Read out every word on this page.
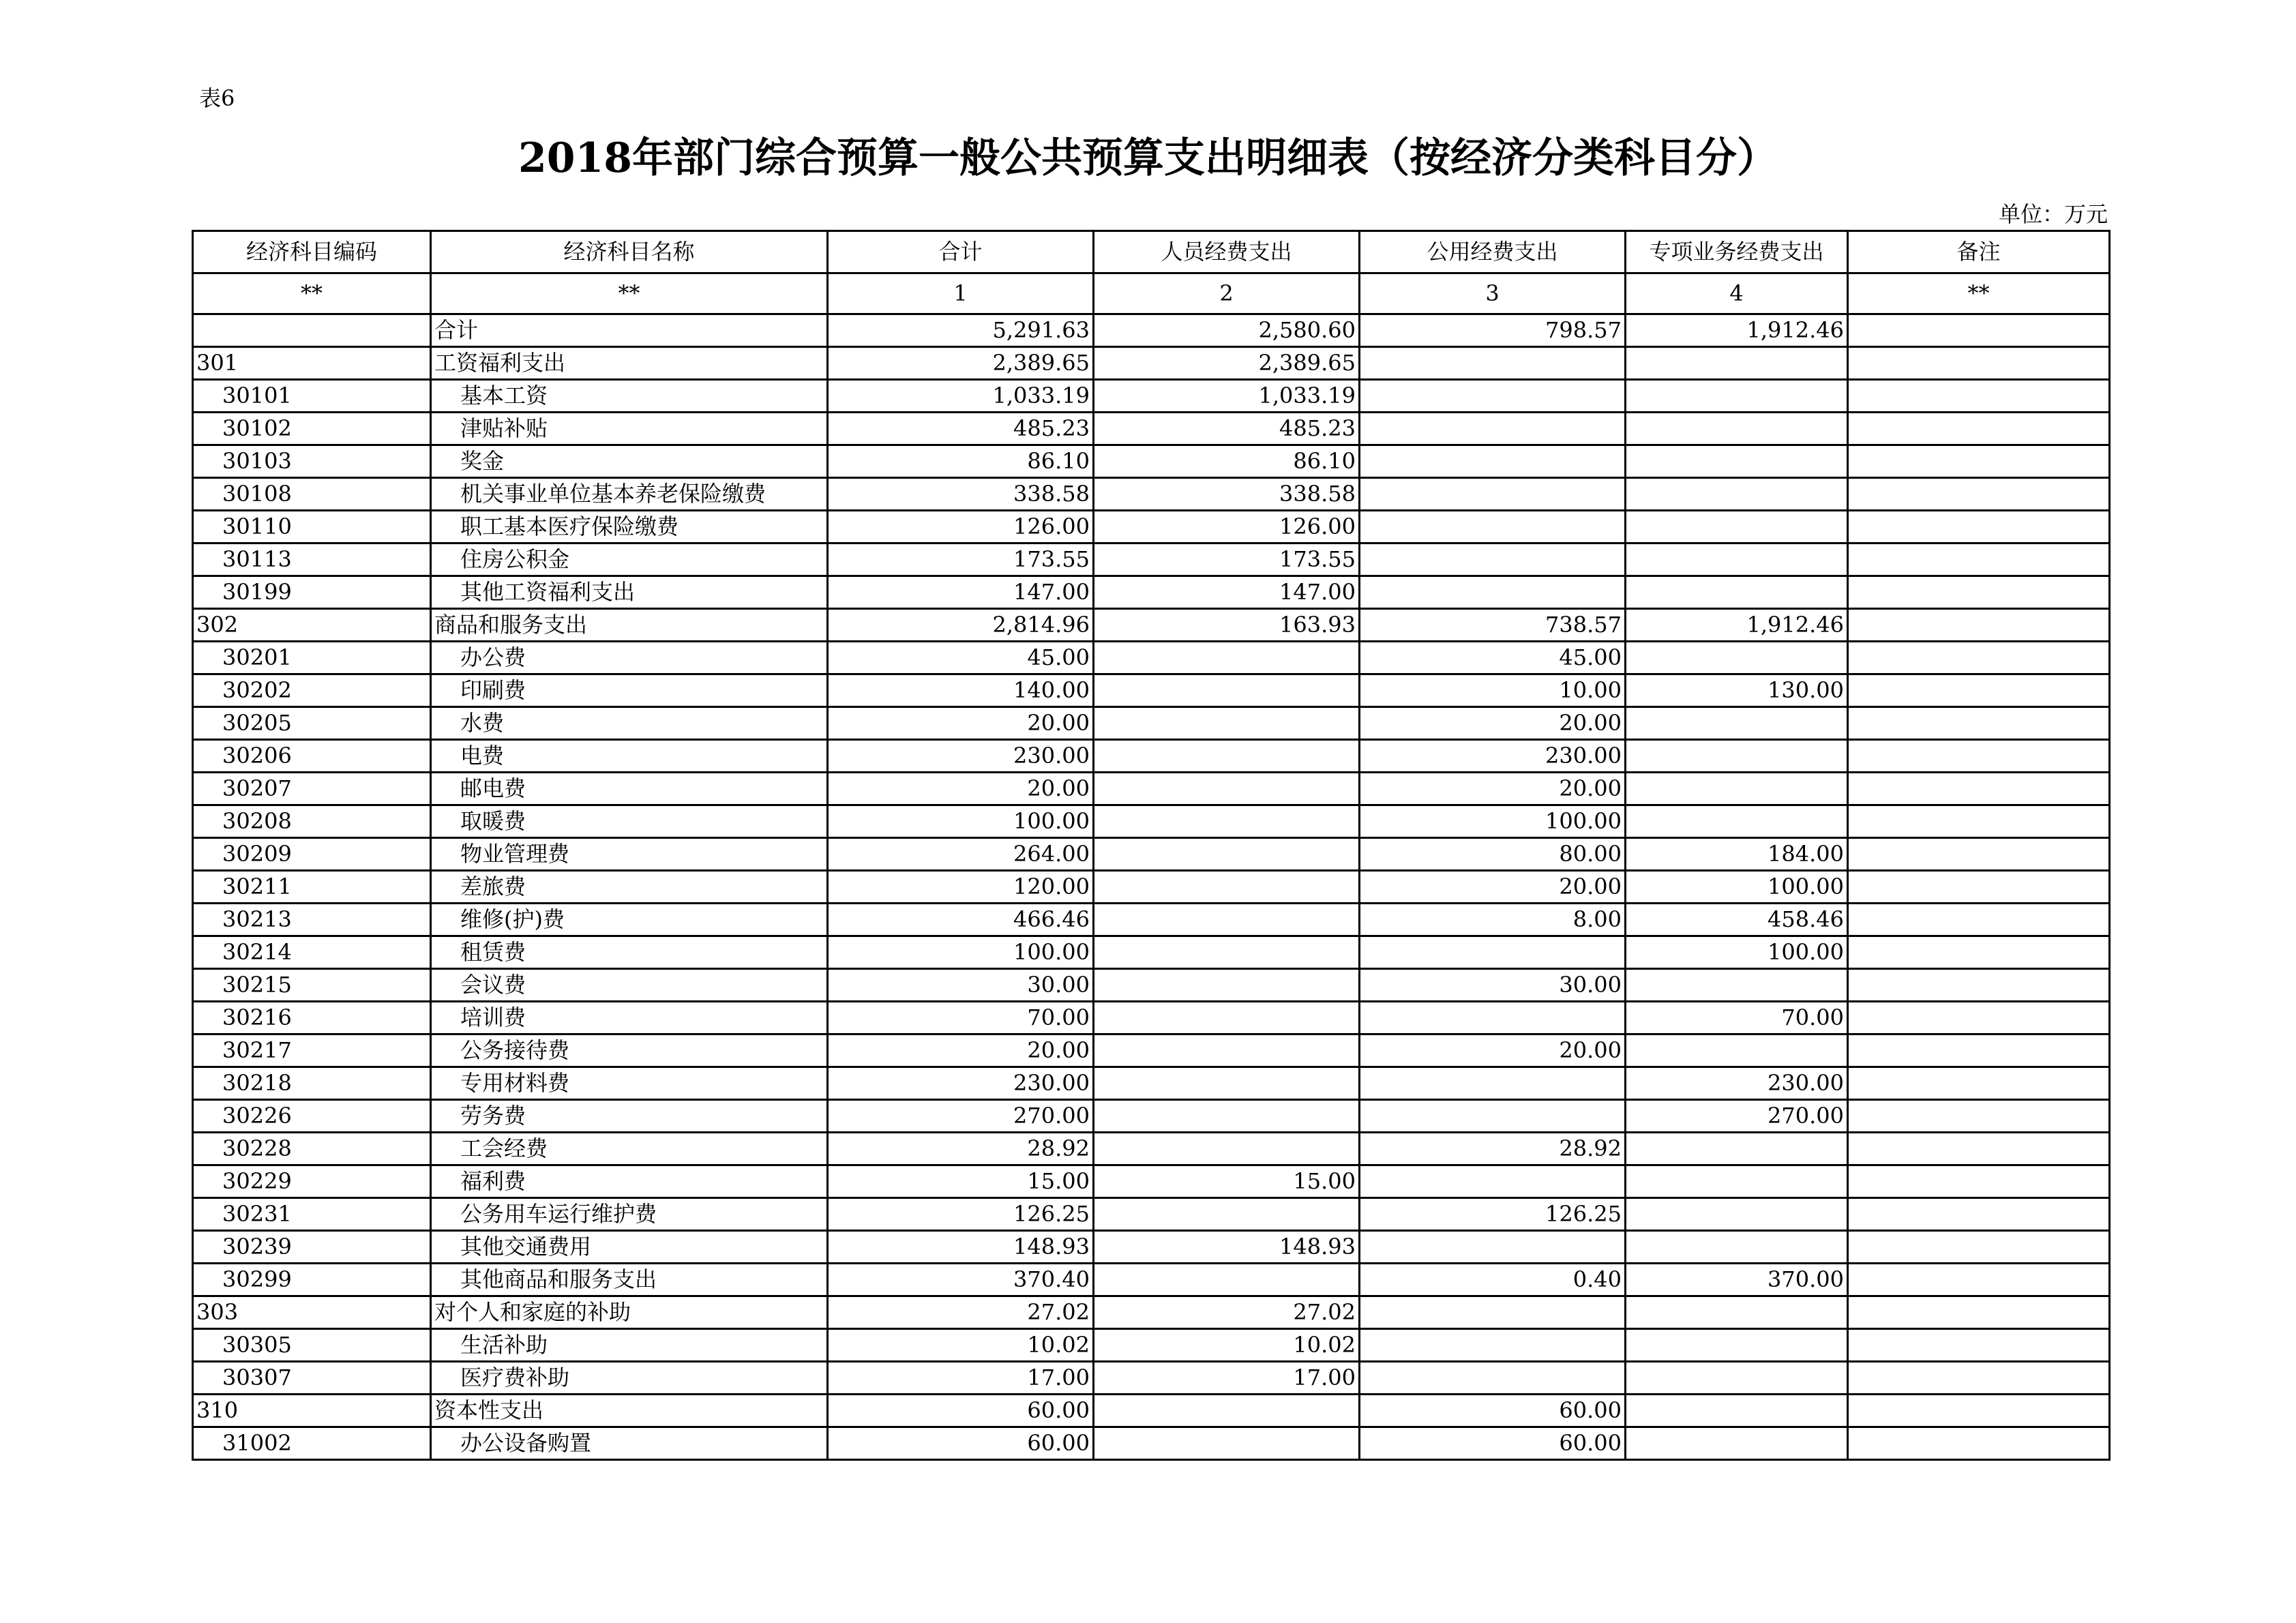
表6
2018年部门综合预算一般公共预算支出明细表（按经济分类科目分）
单位：万元
经济科目编码	经济科目名称	合计	人员经费支出	公用经费支出	专项业务经费支出	备注
**	**	1	2	3	4	**
	合计	5,291.63	2,580.60	798.57	1,912.46	
301	工资福利支出	2,389.65	2,389.65			
30101	基本工资	1,033.19	1,033.19			
30102	津贴补贴	485.23	485.23			
30103	奖金	86.10	86.10			
30108	机关事业单位基本养老保险缴费	338.58	338.58			
30110	职工基本医疗保险缴费	126.00	126.00			
30113	住房公积金	173.55	173.55			
30199	其他工资福利支出	147.00	147.00			
302	商品和服务支出	2,814.96	163.93	738.57	1,912.46	
30201	办公费	45.00		45.00		
30202	印刷费	140.00		10.00	130.00	
30205	水费	20.00		20.00		
30206	电费	230.00		230.00		
30207	邮电费	20.00		20.00		
30208	取暖费	100.00		100.00		
30209	物业管理费	264.00		80.00	184.00	
30211	差旅费	120.00		20.00	100.00	
30213	维修(护)费	466.46		8.00	458.46	
30214	租赁费	100.00			100.00	
30215	会议费	30.00		30.00		
30216	培训费	70.00			70.00	
30217	公务接待费	20.00		20.00		
30218	专用材料费	230.00			230.00	
30226	劳务费	270.00			270.00	
30228	工会经费	28.92		28.92		
30229	福利费	15.00	15.00			
30231	公务用车运行维护费	126.25		126.25		
30239	其他交通费用	148.93	148.93			
30299	其他商品和服务支出	370.40		0.40	370.00	
303	对个人和家庭的补助	27.02	27.02			
30305	生活补助	10.02	10.02			
30307	医疗费补助	17.00	17.00			
310	资本性支出	60.00		60.00		
31002	办公设备购置	60.00		60.00		
